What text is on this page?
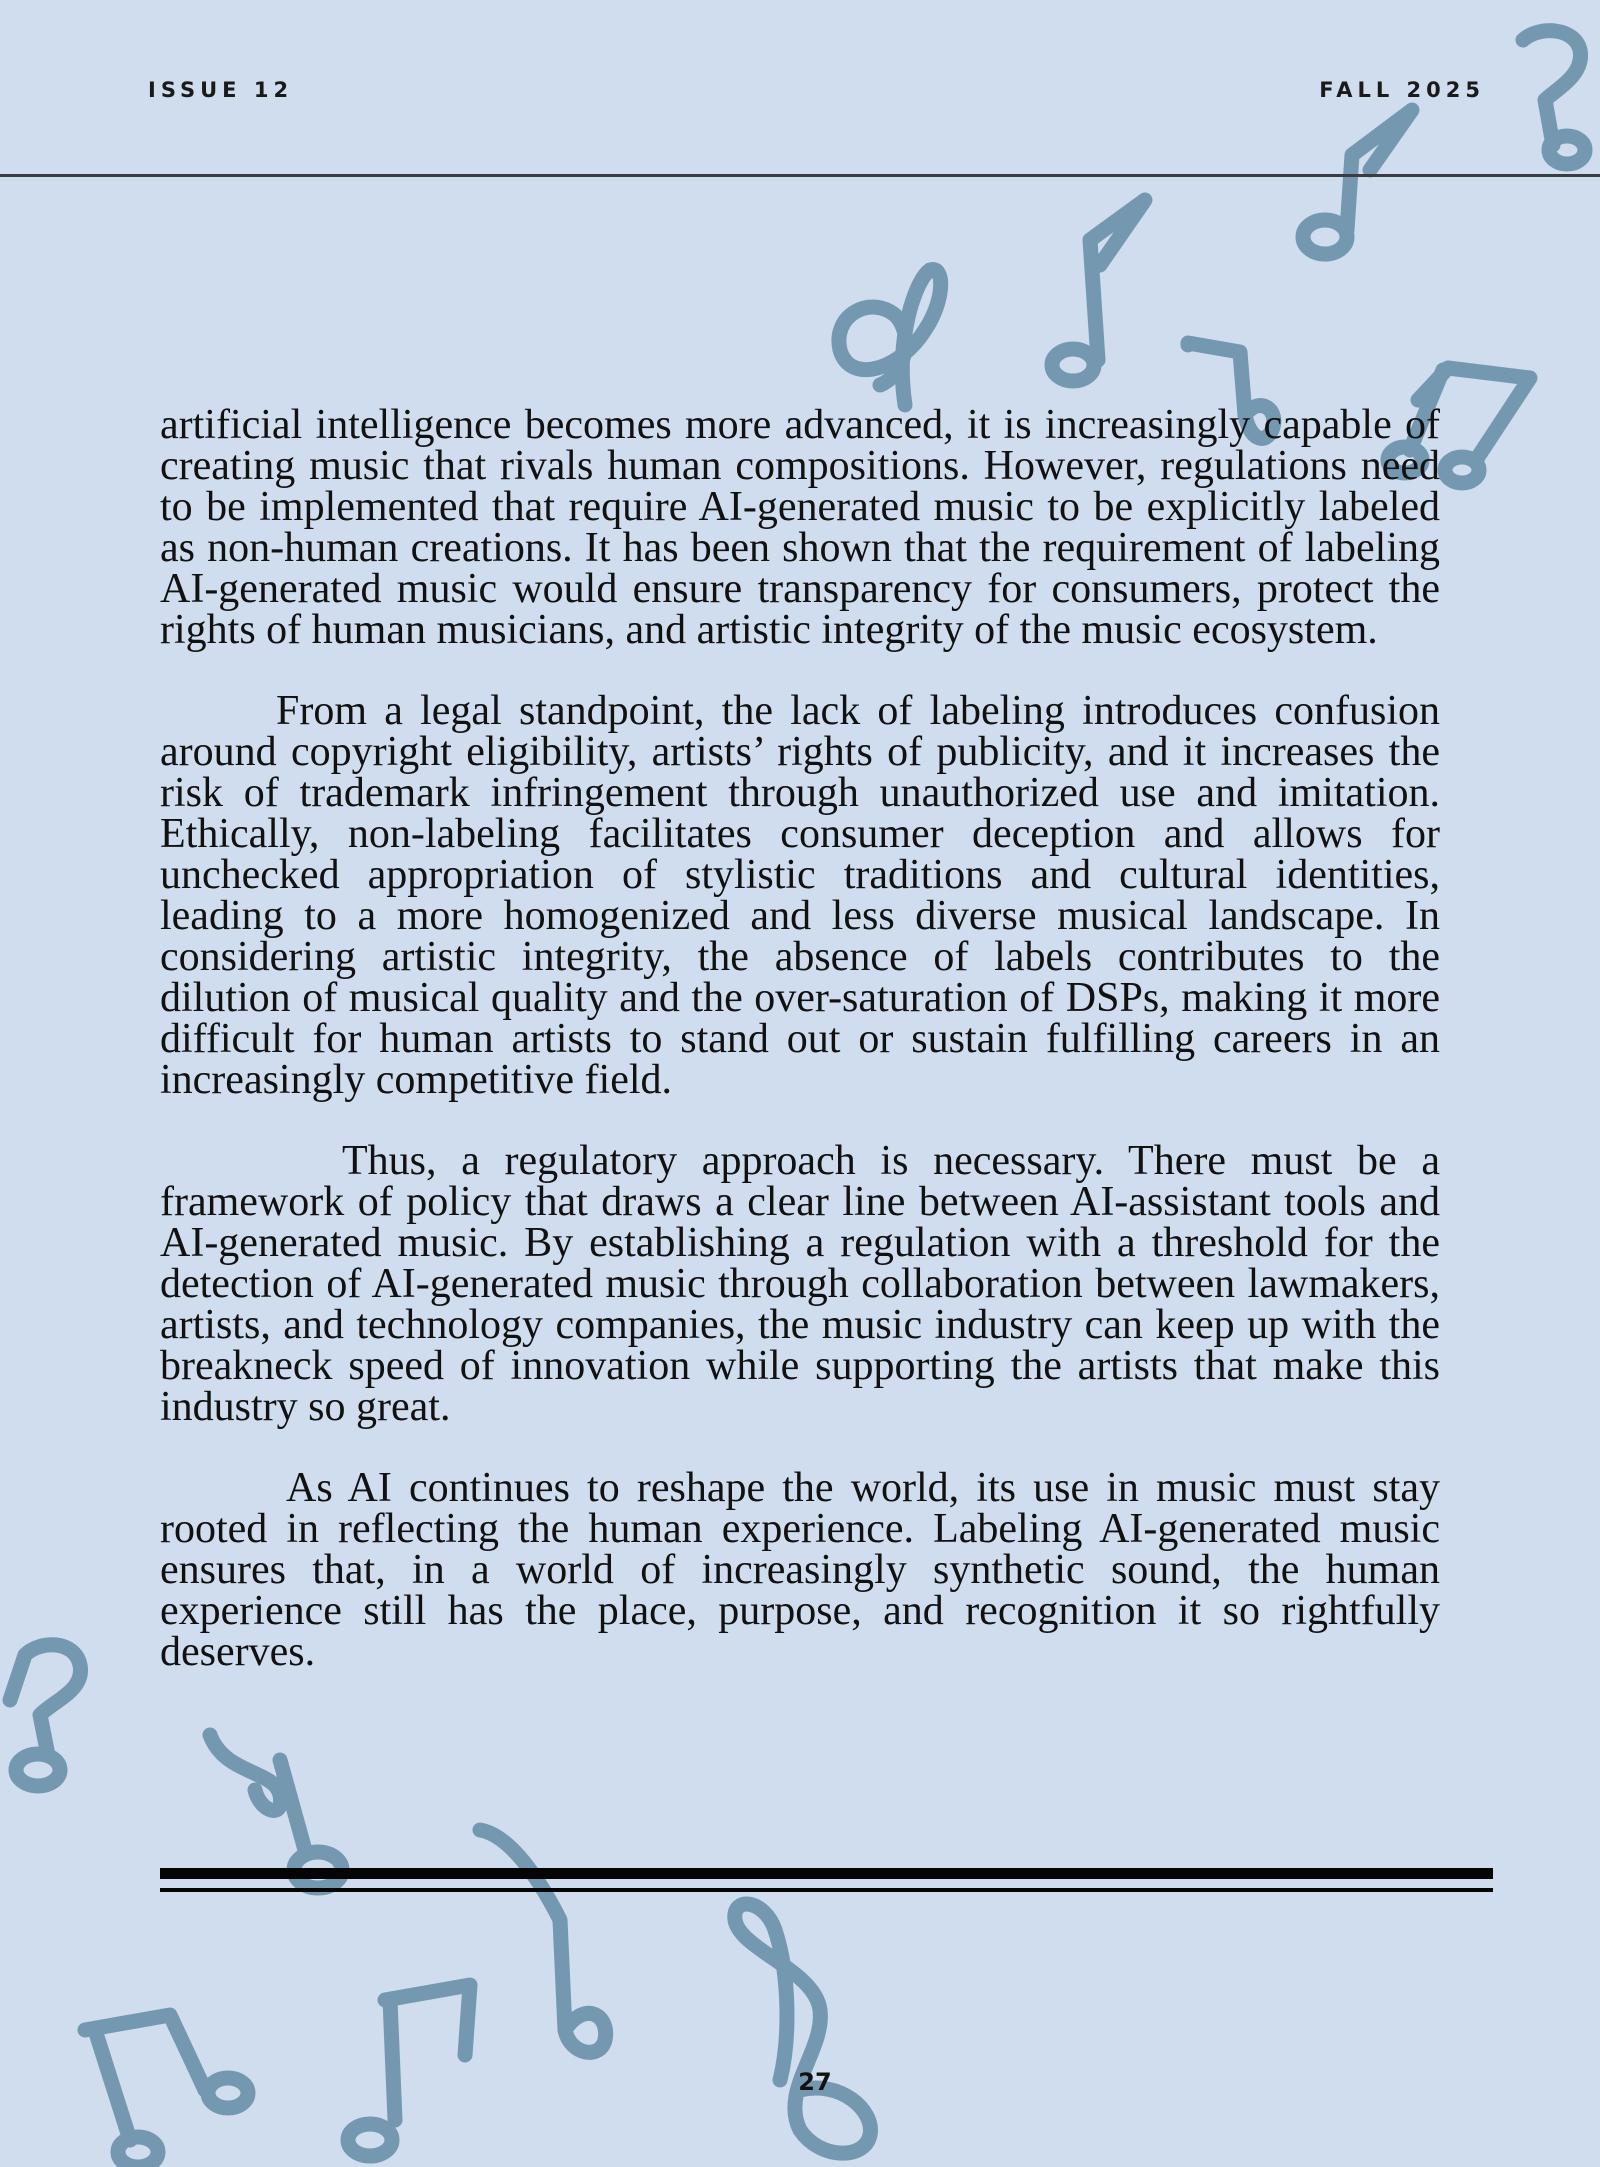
ISSUE 12	FALL 2025

artificial intelligence becomes more advanced, it is increasingly capable of creating music that rivals human compositions. However, regulations need to be implemented that require AI-generated music to be explicitly labeled as non-human creations. It has been shown that the requirement of labeling AI-generated music would ensure transparency for consumers, protect the rights of human musicians, and artistic integrity of the music ecosystem.

From a legal standpoint, the lack of labeling introduces confusion around copyright eligibility, artists’ rights of publicity, and it increases the risk of trademark infringement through unauthorized use and imitation. Ethically, non-labeling facilitates consumer deception and allows for unchecked appropriation of stylistic traditions and cultural identities, leading to a more homogenized and less diverse musical landscape. In considering artistic integrity, the absence of labels contributes to the dilution of musical quality and the over-saturation of DSPs, making it more difficult for human artists to stand out or sustain fulfilling careers in an increasingly competitive field.

Thus, a regulatory approach is necessary. There must be a framework of policy that draws a clear line between AI-assistant tools and AI-generated music. By establishing a regulation with a threshold for the detection of AI-generated music through collaboration between lawmakers, artists, and technology companies, the music industry can keep up with the breakneck speed of innovation while supporting the artists that make this industry so great.

As AI continues to reshape the world, its use in music must stay rooted in reflecting the human experience. Labeling AI-generated music ensures that, in a world of increasingly synthetic sound, the human experience still has the place, purpose, and recognition it so rightfully deserves.

27
